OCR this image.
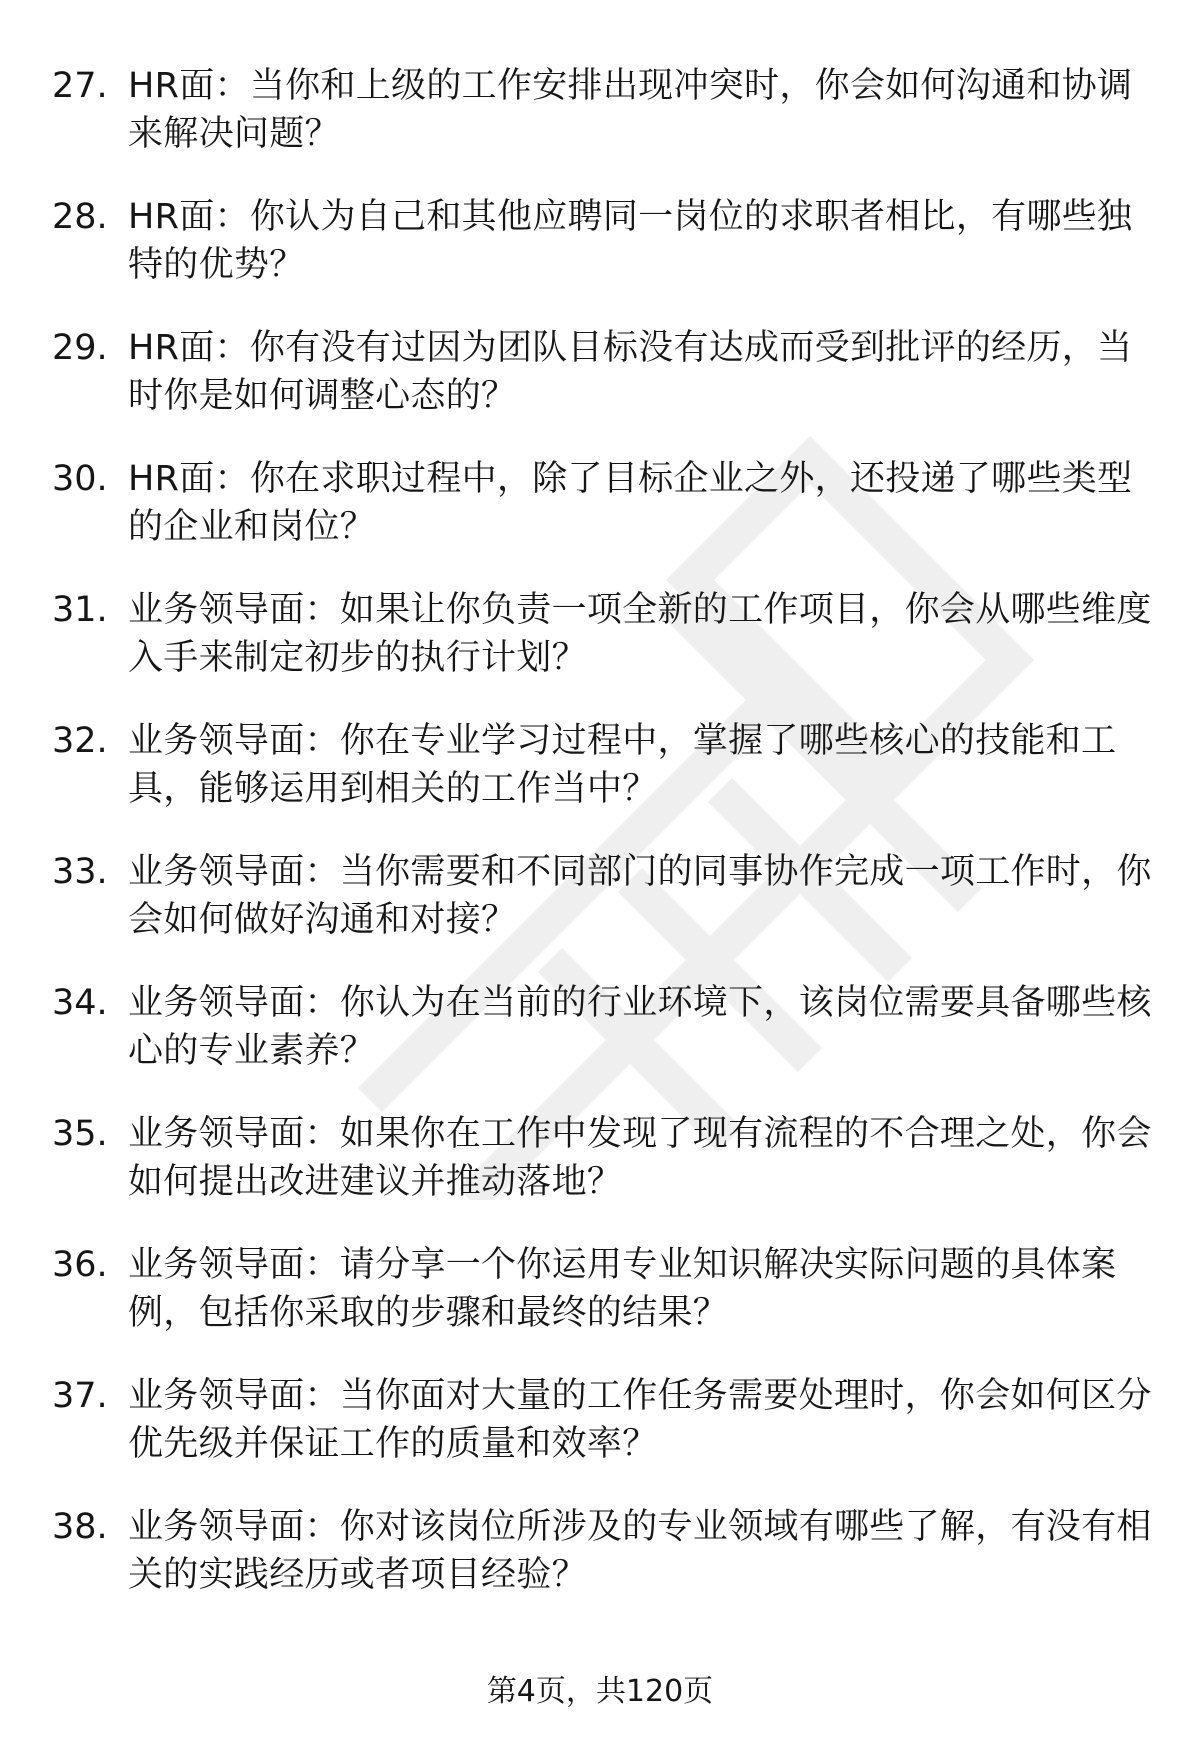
27. HR面：当你和上级的工作安排出现冲突时，你会如何沟通和协调来解决问题？
28. HR面：你认为自己和其他应聘同一岗位的求职者相比，有哪些独特的优势？
29. HR面：你有没有过因为团队目标没有达成而受到批评的经历，当时你是如何调整心态的？
30. HR面：你在求职过程中，除了目标企业之外，还投递了哪些类型的企业和岗位？
31. 业务领导面：如果让你负责一项全新的工作项目，你会从哪些维度入手来制定初步的执行计划？
32. 业务领导面：你在专业学习过程中，掌握了哪些核心的技能和工具，能够运用到相关的工作当中？
33. 业务领导面：当你需要和不同部门的同事协作完成一项工作时，你会如何做好沟通和对接？
34. 业务领导面：你认为在当前的行业环境下，该岗位需要具备哪些核心的专业素养？
35. 业务领导面：如果你在工作中发现了现有流程的不合理之处，你会如何提出改进建议并推动落地？
36. 业务领导面：请分享一个你运用专业知识解决实际问题的具体案例，包括你采取的步骤和最终的结果？
37. 业务领导面：当你面对大量的工作任务需要处理时，你会如何区分优先级并保证工作的质量和效率？
38. 业务领导面：你对该岗位所涉及的专业领域有哪些了解，有没有相关的实践经历或者项目经验？
第4页，共120页
